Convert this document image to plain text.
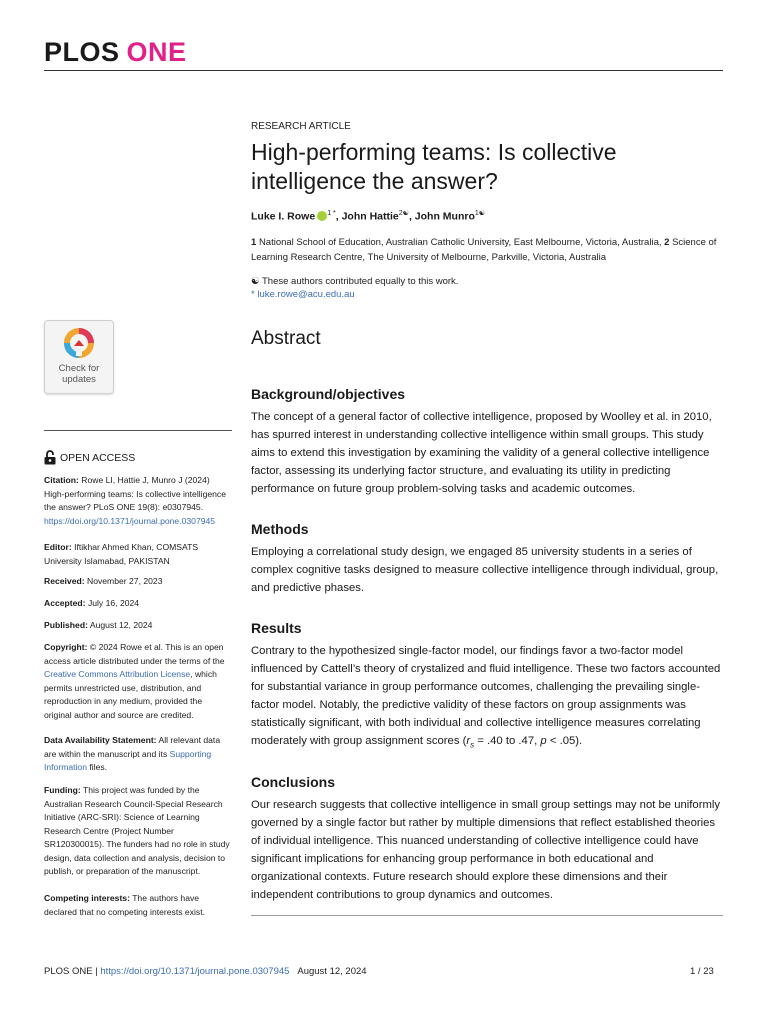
PLOS ONE
RESEARCH ARTICLE
High-performing teams: Is collective intelligence the answer?
Luke I. Rowe $^{1 *}$, John Hattie$^{2☯}$, John Munro$^{1☯}$
1 National School of Education, Australian Catholic University, East Melbourne, Victoria, Australia, 2 Science of Learning Research Centre, The University of Melbourne, Parkville, Victoria, Australia
☯ These authors contributed equally to this work.
* luke.rowe@acu.edu.au
Check for
updates
OPEN ACCESS
Citation: Rowe LI, Hattie J, Munro J (2024) High-performing teams: Is collective intelligence the answer? PLoS ONE 19(8): e0307945. https://doi.org/10.1371/journal.pone.0307945
Editor: Iftikhar Ahmed Khan, COMSATS University Islamabad, PAKISTAN
Received: November 27, 2023
Accepted: July 16, 2024
Published: August 12, 2024
Copyright: © 2024 Rowe et al. This is an open access article distributed under the terms of the Creative Commons Attribution License, which permits unrestricted use, distribution, and reproduction in any medium, provided the original author and source are credited.
Data Availability Statement: All relevant data are within the manuscript and its Supporting Information files.
Funding: This project was funded by the Australian Research Council-Special Research Initiative (ARC-SRI): Science of Learning Research Centre (Project Number SR120300015). The funders had no role in study design, data collection and analysis, decision to publish, or preparation of the manuscript.
Competing interests: The authors have declared that no competing interests exist.
Abstract
Background/objectives
The concept of a general factor of collective intelligence, proposed by Woolley et al. in 2010, has spurred interest in understanding collective intelligence within small groups. This study aims to extend this investigation by examining the validity of a general collective intelligence factor, assessing its underlying factor structure, and evaluating its utility in predicting performance on future group problem-solving tasks and academic outcomes.
Methods
Employing a correlational study design, we engaged 85 university students in a series of complex cognitive tasks designed to measure collective intelligence through individual, group, and predictive phases.
Results
Contrary to the hypothesized single-factor model, our findings favor a two-factor model influenced by Cattell’s theory of crystalized and fluid intelligence. These two factors accounted for substantial variance in group performance outcomes, challenging the prevailing single-factor model. Notably, the predictive validity of these factors on group assignments was statistically significant, with both individual and collective intelligence measures correlating moderately with group assignment scores ($r_s = .40$ to .47, p < .05).
Conclusions
Our research suggests that collective intelligence in small group settings may not be uniformly governed by a single factor but rather by multiple dimensions that reflect established theories of individual intelligence. This nuanced understanding of collective intelligence could have significant implications for enhancing group performance in both educational and organizational contexts. Future research should explore these dimensions and their independent contributions to group dynamics and outcomes.
PLOS ONE | https://doi.org/10.1371/journal.pone.0307945 August 12, 2024	1 / 23
